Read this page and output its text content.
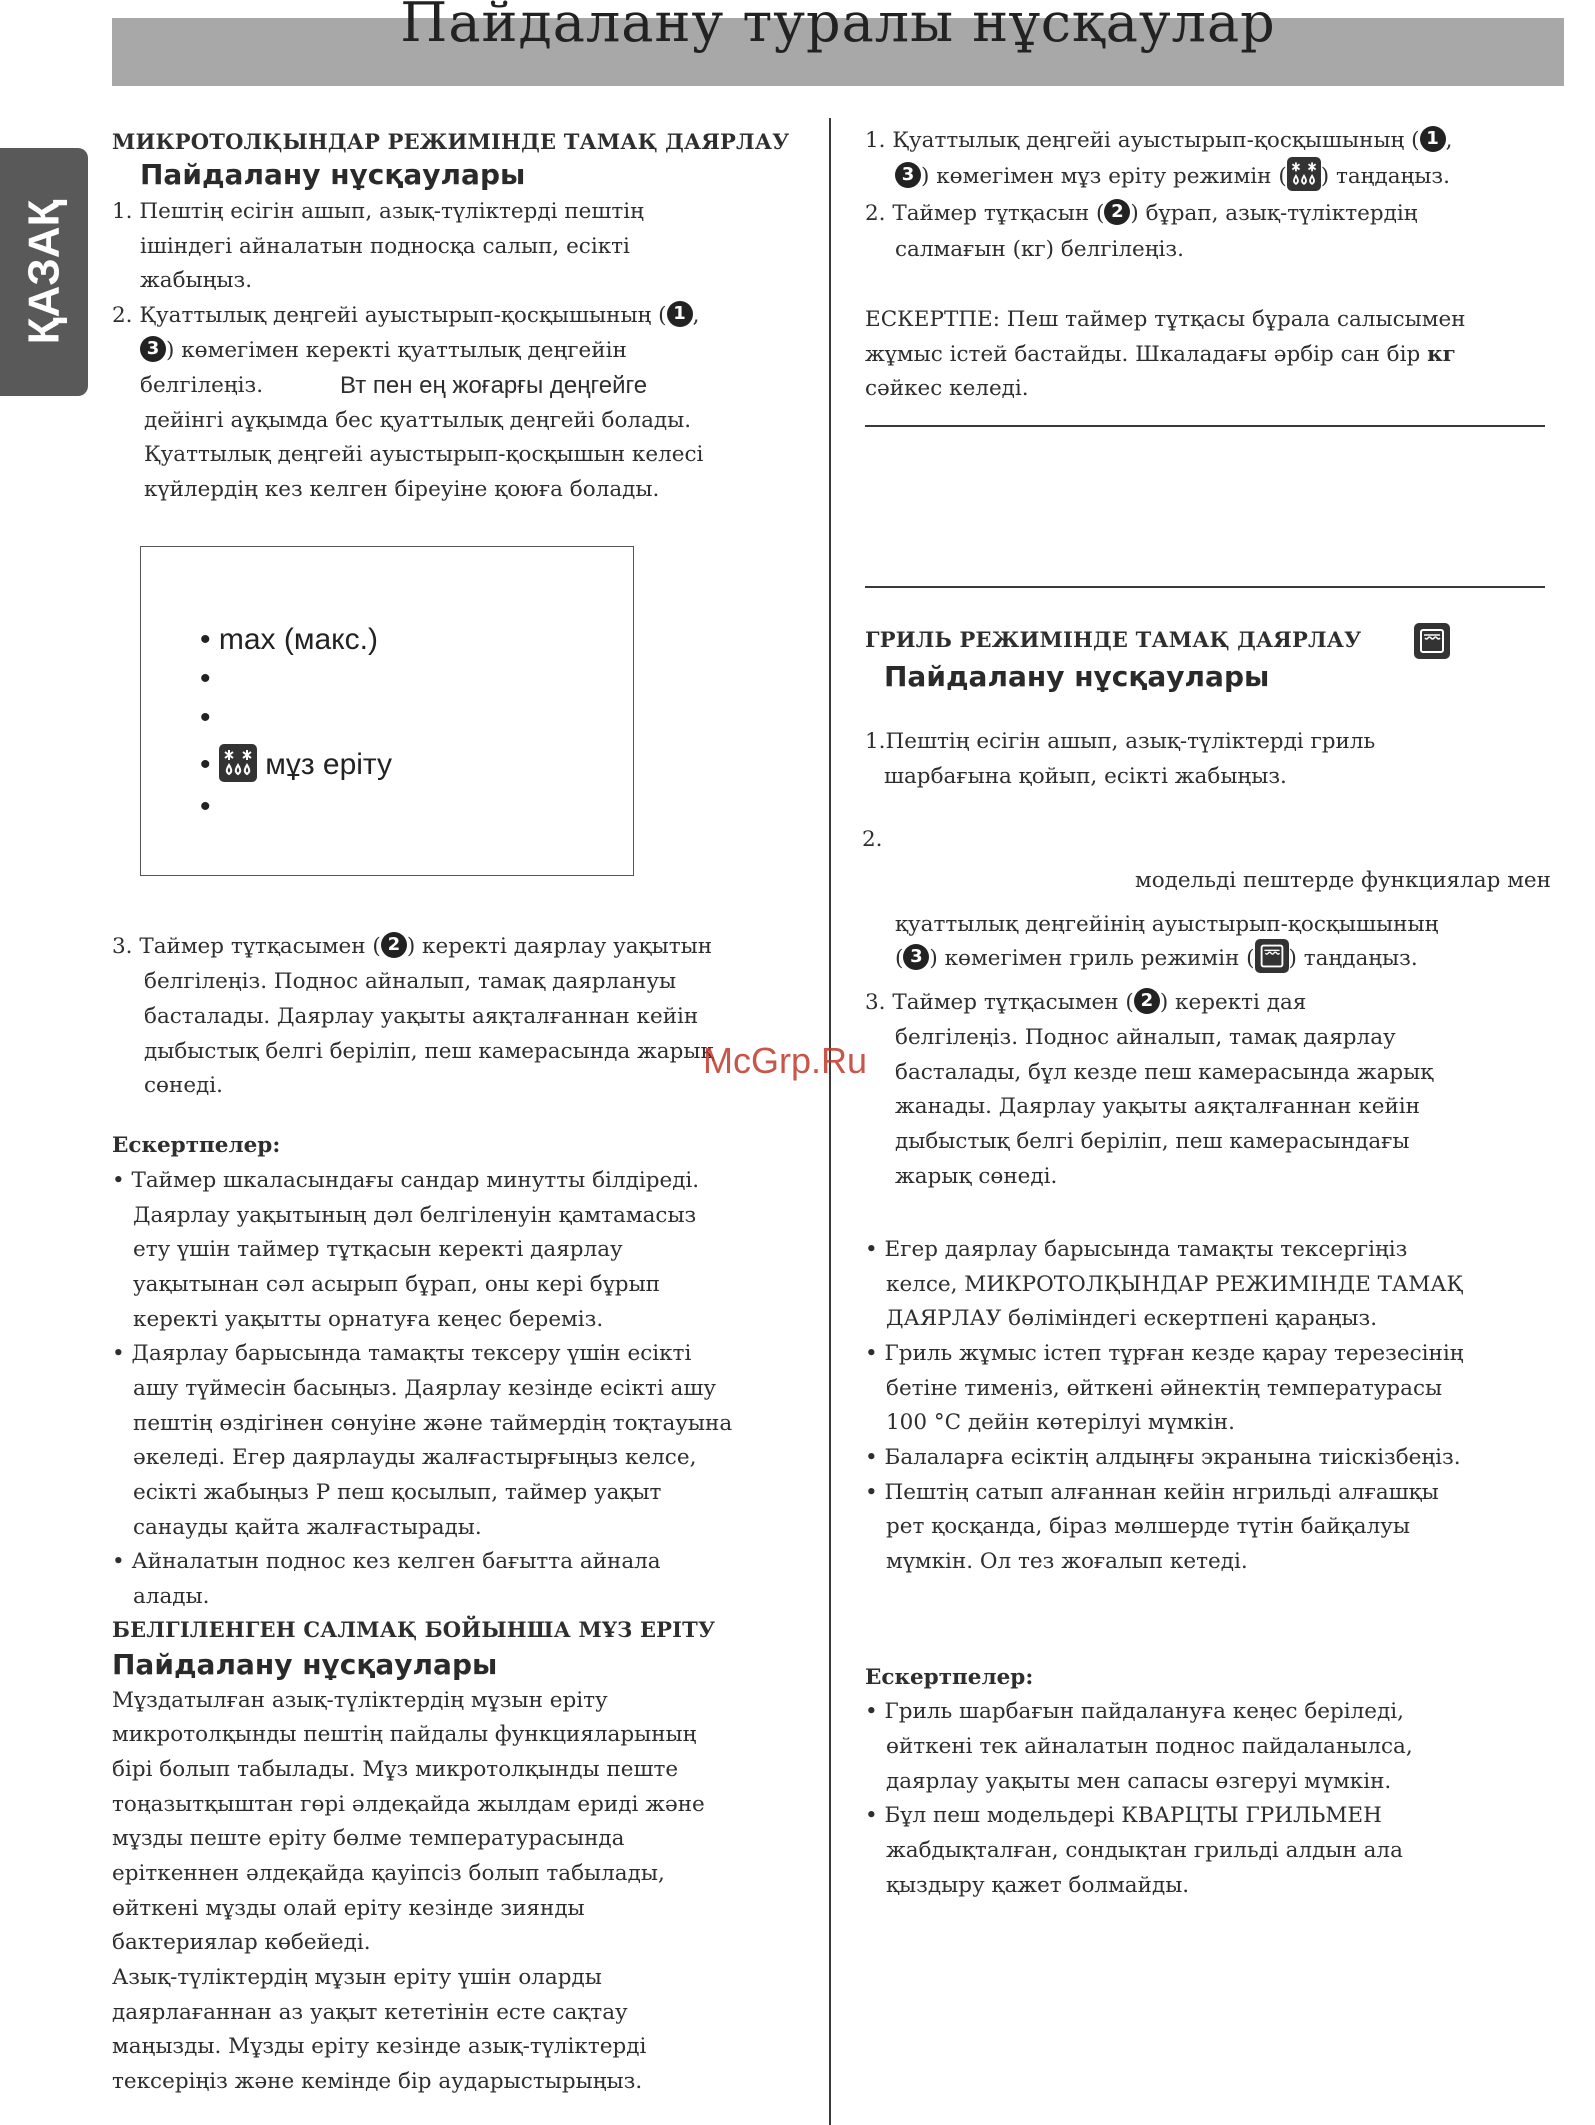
Пайдалану туралы нұсқаулар
ҚАЗАҚ
МИКРОТОЛҚЫНДАР РЕЖИМІНДЕ ТАМАҚ ДАЯРЛАУ
Пайдалану нұсқаулары
1. Пештің есігін ашып, азық-түліктерді пештің
ішіндегі айналатын подносқа салып, есікті
жабыңыз.
2. Қуаттылық деңгейі ауыстырып-қосқышының ( 1 ,
3 ) көмегімен керекті қуаттылық деңгейін
белгілеңіз.	Вт пен ең жоғарғы деңгейге
дейінгі аұқымда бес қуаттылық деңгейі болады.
Қуаттылық деңгейі ауыстырып-қосқышын келесі
күйлердің кез келген біреуіне қоюға болады.
• max (макс.)
•
•
•
мұз еріту
•
3. Таймер тұтқасымен ( 2 ) керекті даярлау уақытын
белгілеңіз. Поднос айналып, тамақ даярлануы
басталады. Даярлау уақыты аяқталғаннан кейін
дыбыстық белгі беріліп, пеш камерасында жарық
сөнеді.
Ескертпелер:
• Таймер шкаласындағы сандар минутты білдіреді.
Даярлау уақытының дәл белгіленуін қамтамасыз
ету үшін таймер тұтқасын керекті даярлау
уақытынан сәл асырып бұрап, оны кері бұрып
керекті уақытты орнатуға кеңес береміз.
• Даярлау барысында тамақты тексеру үшін есікті
ашу түймесін басыңыз. Даярлау кезінде есікті ашу
пештің өздігінен сөнуіне және таймердің тоқтауына
әкеледі. Егер даярлауды жалғастырғыңыз келсе,
есікті жабыңыз Р пеш қосылып, таймер уақыт
санауды қайта жалғастырады.
• Айналатын поднос кез келген бағытта айнала
алады.
БЕЛГІЛЕНГЕН САЛМАҚ БОЙЫНША МҰЗ ЕРІТУ
Пайдалану нұсқаулары
Мұздатылған азық-түліктердің мұзын еріту
микротолқынды пештің пайдалы функцияларының
бірі болып табылады. Мұз микротолқынды пеште
тоңазытқыштан гөрі әлдеқайда жылдам ериді және
мұзды пеште еріту бөлме температурасында
еріткеннен әлдеқайда қауіпсіз болып табылады,
өйткені мұзды олай еріту кезінде зиянды
бактериялар көбейеді.
Азық-түліктердің мұзын еріту үшін оларды
даярлағаннан аз уақыт кететінін есте сақтау
маңызды. Мұзды еріту кезінде азық-түліктерді
тексеріңіз және кемінде бір аударыстырыңыз.
1. Қуаттылық деңгейі ауыстырып-қосқышының ( 1 ,
3 ) көмегімен мұз еріту режимін ( ) таңдаңыз.
2. Таймер тұтқасын ( 2 ) бұрап, азық-түліктердің
салмағын (кг) белгілеңіз.
ЕСКЕРТПЕ: Пеш таймер тұтқасы бұрала салысымен
жұмыс істей бастайды. Шкаладағы әрбір сан бір кг
сәйкес келеді.
ГРИЛЬ РЕЖИМІНДЕ ТАМАҚ ДАЯРЛАУ
Пайдалану нұсқаулары
1.Пештің есігін ашып, азық-түліктерді гриль
шарбағына қойып, есікті жабыңыз.
2.
модельді пештерде функциялар мен
қуаттылық деңгейінің ауыстырып-қосқышының
( 3 ) көмегімен гриль режимін ( ) таңдаңыз.
3. Таймер тұтқасымен ( 2 ) керекті дая
белгілеңіз. Поднос айналып, тамақ даярлау
басталады, бұл кезде пеш камерасында жарық
жанады. Даярлау уақыты аяқталғаннан кейін
дыбыстық белгі беріліп, пеш камерасындағы
жарық сөнеді.
• Егер даярлау барысында тамақты тексергіңіз
келсе, МИКРОТОЛҚЫНДАР РЕЖИМІНДЕ ТАМАҚ
ДАЯРЛАУ бөліміндегі ескертпені қараңыз.
• Гриль жұмыс істеп тұрған кезде қарау терезесінің
бетіне тименіз, өйткені әйнектің температурасы
100 °C дейін көтерілуі мүмкін.
• Балаларға есіктің алдыңғы экранына тиіскізбеңіз.
• Пештің сатып алғаннан кейін нгрильді алғашқы
рет қосқанда, біраз мөлшерде түтін байқалуы
мүмкін. Ол тез жоғалып кетеді.
Ескертпелер:
• Гриль шарбағын пайдалануға кеңес беріледі,
өйткені тек айналатын поднос пайдаланылса,
даярлау уақыты мен сапасы өзгеруі мүмкін.
• Бұл пеш модельдері КВАРЦТЫ ГРИЛЬМЕН
жабдықталған, сондықтан грильді алдын ала
қыздыру қажет болмайды.
McGrp.Ru
